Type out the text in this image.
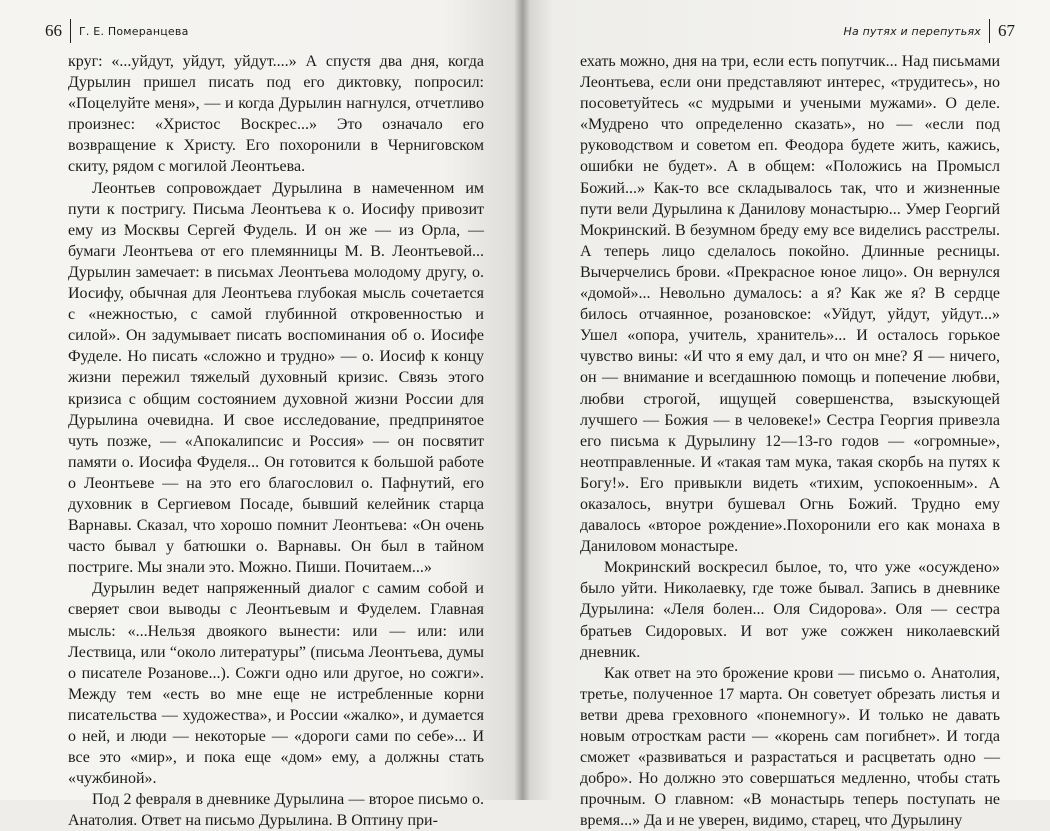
66 Г. Е. Померанцева

круг: «...уйдут, уйдут, уйдут....» А спустя два дня, когда Дурылин пришел писать под его диктовку, попросил: «Поцелуйте меня», — и когда Дурылин нагнулся, отчетливо произнес: «Христос Воскрес...» Это означало его возвращение к Христу. Его похоронили в Черниговском скиту, рядом с могилой Леонтьева.

Леонтьев сопровождает Дурылина в намеченном им пути к постригу. Письма Леонтьева к о. Иосифу привозит ему из Москвы Сергей Фудель. И он же — из Орла, — бумаги Леонтьева от его племянницы М. В. Леонтьевой... Дурылин замечает: в письмах Леонтьева молодому другу, о. Иосифу, обычная для Леонтьева глубокая мысль сочетается с «нежностью, с самой глубинной откровенностью и силой». Он задумывает писать воспоминания об о. Иосифе Фуделе. Но писать «сложно и трудно» — о. Иосиф к концу жизни пережил тяжелый духовный кризис. Связь этого кризиса с общим состоянием духовной жизни России для Дурылина очевидна. И свое исследование, предпринятое чуть позже, — «Апокалипсис и Россия» — он посвятит памяти о. Иосифа Фуделя... Он готовится к большой работе о Леонтьеве — на это его благословил о. Пафнутий, его духовник в Сергиевом Посаде, бывший келейник старца Варнавы. Сказал, что хорошо помнит Леонтьева: «Он очень часто бывал у батюшки о. Варнавы. Он был в тайном постриге. Мы знали это. Можно. Пиши. Почитаем...»

Дурылин ведет напряженный диалог с самим собой и сверяет свои выводы с Леонтьевым и Фуделем. Главная мысль: «...Нельзя двоякого вынести: или — или: или Лествица, или “около литературы” (письма Леонтьева, думы о писателе Розанове...). Сожги одно или другое, но сожги». Между тем «есть во мне еще не истребленные корни писательства — художества», и России «жалко», и думается о ней, и люди — некоторые — «дороги сами по себе»... И все это «мир», и пока еще «дом» ему, а должны стать «чужбиной».

Под 2 февраля в дневнике Дурылина — второе письмо о. Анатолия. Ответ на письмо Дурылина. В Оптину при-

На путях и перепутьях 67

ехать можно, дня на три, если есть попутчик... Над письмами Леонтьева, если они представляют интерес, «трудитесь», но посоветуйтесь «с мудрыми и учеными мужами». О деле. «Мудрено что определенно сказать», но — «если под руководством и советом еп. Феодора будете жить, кажись, ошибки не будет». А в общем: «Положись на Промысл Божий...» Как-то все складывалось так, что и жизненные пути вели Дурылина к Данилову монастырю... Умер Георгий Мокринский. В безумном бреду ему все виделись расстрелы. А теперь лицо сделалось покойно. Длинные ресницы. Вычерчелись брови. «Прекрасное юное лицо». Он вернулся «домой»... Невольно думалось: а я? Как же я? В сердце билось отчаянное, розановское: «Уйдут, уйдут, уйдут...» Ушел «опора, учитель, хранитель»... И осталось горькое чувство вины: «И что я ему дал, и что он мне? Я — ничего, он — внимание и всегдашнюю помощь и попечение любви, любви строгой, ищущей совершенства, взыскующей лучшего — Божия — в человеке!» Сестра Георгия привезла его письма к Дурылину 12—13-го годов — «огромные», неотправленные. И «такая там мука, такая скорбь на путях к Богу!». Его привыкли видеть «тихим, успокоенным». А оказалось, внутри бушевал Огнь Божий. Трудно ему давалось «второе рождение».Похоронили его как монаха в Даниловом монастыре.

Мокринский воскресил былое, то, что уже «осуждено» было уйти. Николаевку, где тоже бывал. Запись в дневнике Дурылина: «Леля болен... Оля Сидорова». Оля — сестра братьев Сидоровых. И вот уже сожжен николаевский дневник.

Как ответ на это брожение крови — письмо о. Анатолия, третье, полученное 17 марта. Он советует обрезать листья и ветви древа греховного «понемногу». И только не давать новым отросткам расти — «корень сам погибнет». И тогда сможет «развиваться и разрастаться и расцветать одно — добро». Но должно это совершаться медленно, чтобы стать прочным. О главном: «В монастырь теперь поступать не время...» Да и не уверен, видимо, старец, что Дурылину
